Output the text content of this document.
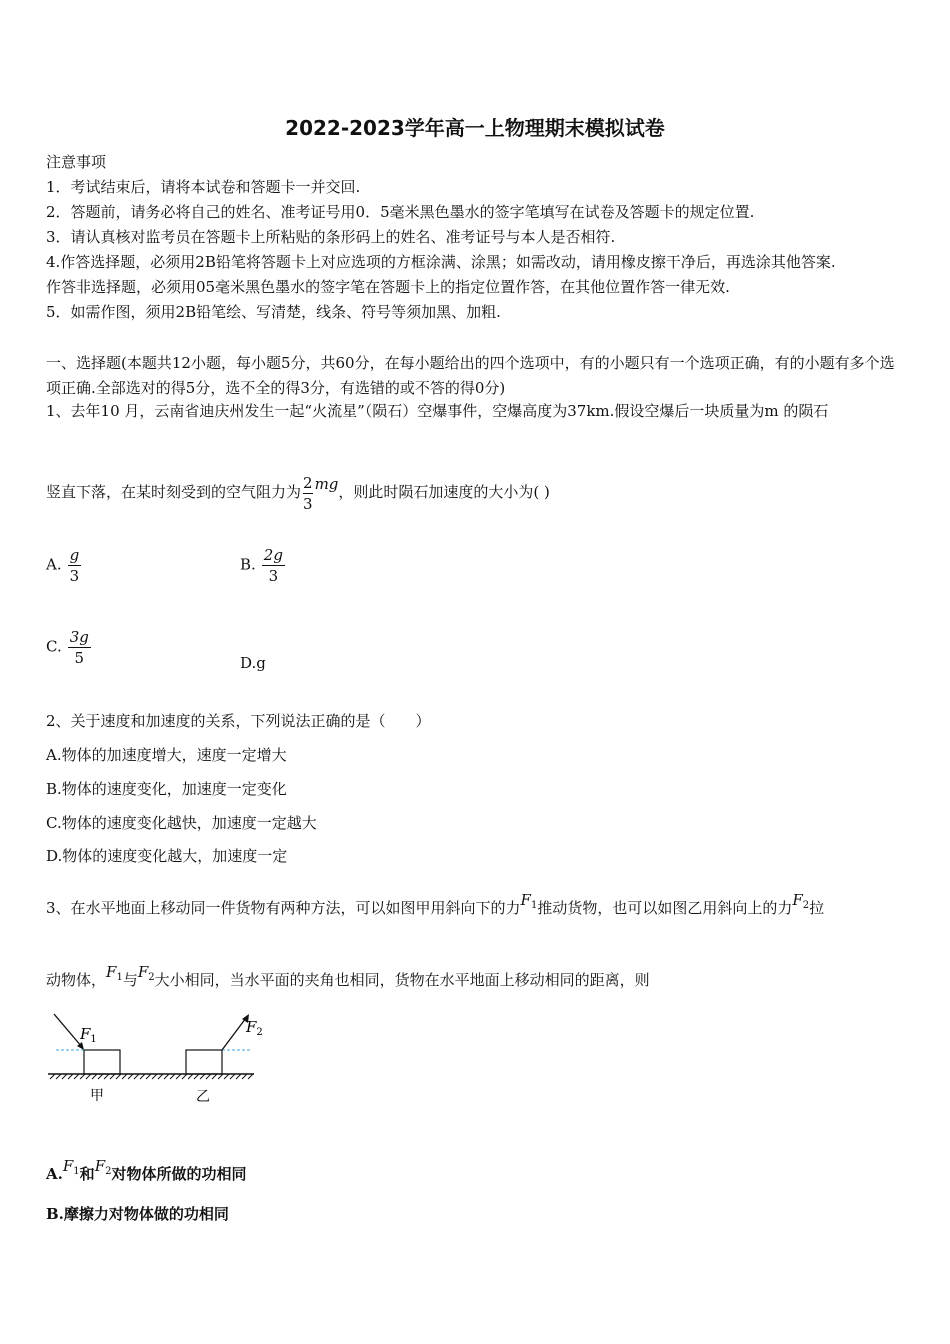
2022-2023学年高一上物理期末模拟试卷
注意事项
1．考试结束后，请将本试卷和答题卡一并交回.
2．答题前，请务必将自己的姓名、准考证号用0．5毫米黑色墨水的签字笔填写在试卷及答题卡的规定位置.
3．请认真核对监考员在答题卡上所粘贴的条形码上的姓名、准考证号与本人是否相符.
4.作答选择题，必须用2B铅笔将答题卡上对应选项的方框涂满、涂黑；如需改动，请用橡皮擦干净后，再选涂其他答案.
作答非选择题，必须用05毫米黑色墨水的签字笔在答题卡上的指定位置作答，在其他位置作答一律无效.
5．如需作图，须用2B铅笔绘、写清楚，线条、符号等须加黑、加粗.
一、选择题(本题共12小题，每小题5分，共60分，在每小题给出的四个选项中，有的小题只有一个选项正确，有的小题有多个选项正确.全部选对的得5分，选不全的得3分，有选错的或不答的得0分)
1、去年10 月，云南省迪庆州发生一起“火流星”（陨石）空爆事件，空爆高度为37km.假设空爆后一块质量为m 的陨石
竖直下落，在某时刻受到的空气阻力为 $\frac{2}{3}$ mg，则此时陨石加速度的大小为( )
A. $\frac{g}{3}$	B. $\frac{2g}{3}$
C. $\frac{3g}{5}$	D.g
2、关于速度和加速度的关系，下列说法正确的是（　　）
A.物体的加速度增大，速度一定增大
B.物体的速度变化，加速度一定变化
C.物体的速度变化越快，加速度一定越大
D.物体的速度变化越大，加速度一定
3、在水平地面上移动同一件货物有两种方法，可以如图甲用斜向下的力$F_1$推动货物，也可以如图乙用斜向上的力$F_2$拉
动物体，$F_1$与$F_2$大小相同，当水平面的夹角也相同，货物在水平地面上移动相同的距离，则
$F_1$
$F_2$
甲	乙
$A.F_1$和$F_2$对物体所做的功相同
B.摩擦力对物体做的功相同
